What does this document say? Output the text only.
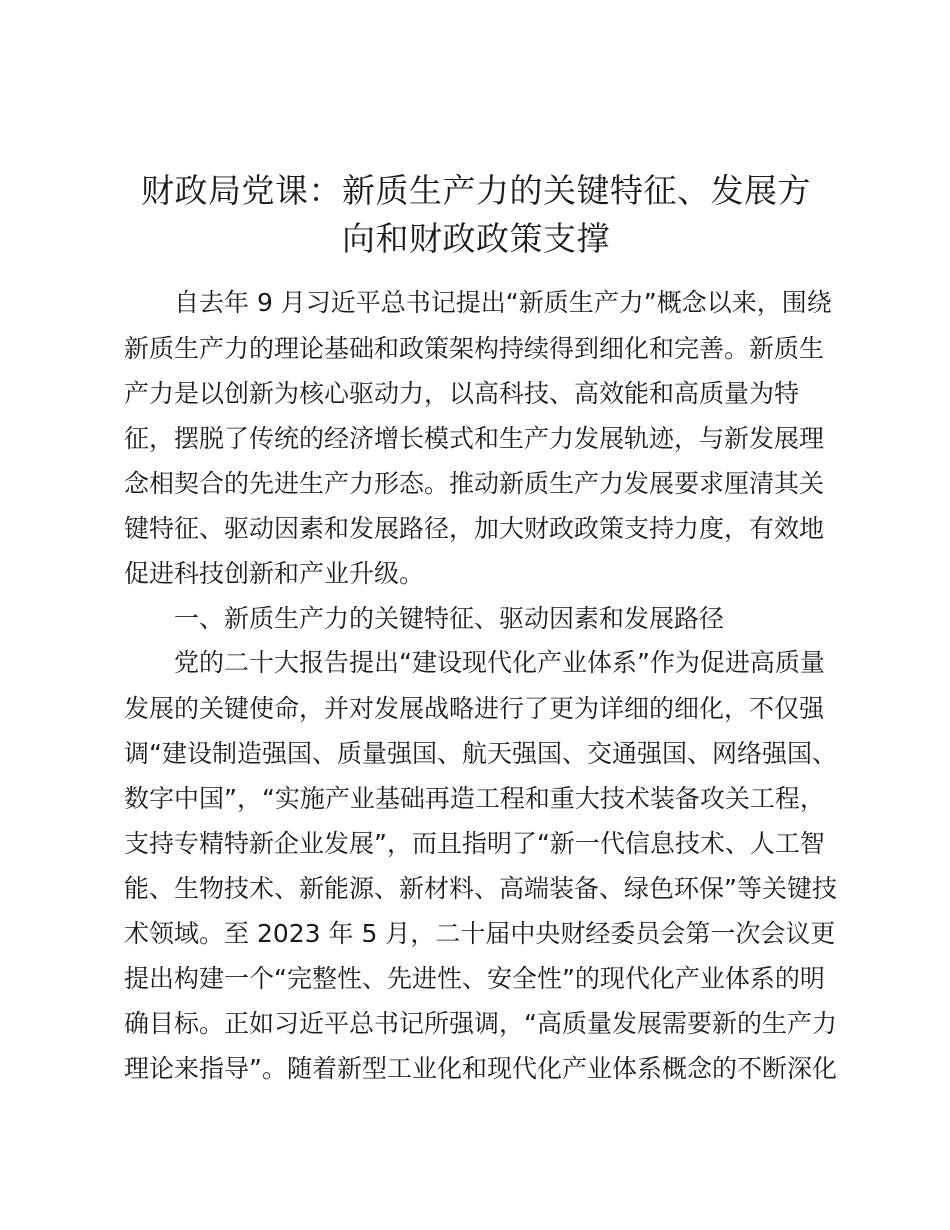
财政局党课：新质生产力的关键特征、发展方
向和财政政策支撑

自去年 9 月习近平总书记提出“新质生产力”概念以来，围绕

新质生产力的理论基础和政策架构持续得到细化和完善。新质生

产力是以创新为核心驱动力，以高科技、高效能和高质量为特

征，摆脱了传统的经济增长模式和生产力发展轨迹，与新发展理

念相契合的先进生产力形态。推动新质生产力发展要求厘清其关

键特征、驱动因素和发展路径，加大财政政策支持力度，有效地

促进科技创新和产业升级。

一、新质生产力的关键特征、驱动因素和发展路径

党的二十大报告提出“建设现代化产业体系”作为促进高质量

发展的关键使命，并对发展战略进行了更为详细的细化，不仅强

调“建设制造强国、质量强国、航天强国、交通强国、网络强国、

数字中国”，“实施产业基础再造工程和重大技术装备攻关工程，

支持专精特新企业发展”，而且指明了“新一代信息技术、人工智

能、生物技术、新能源、新材料、高端装备、绿色环保”等关键技

术领域。至 2023 年 5 月，二十届中央财经委员会第一次会议更

提出构建一个“完整性、先进性、安全性”的现代化产业体系的明

确目标。正如习近平总书记所强调，“高质量发展需要新的生产力

理论来指导”。随着新型工业化和现代化产业体系概念的不断深化
